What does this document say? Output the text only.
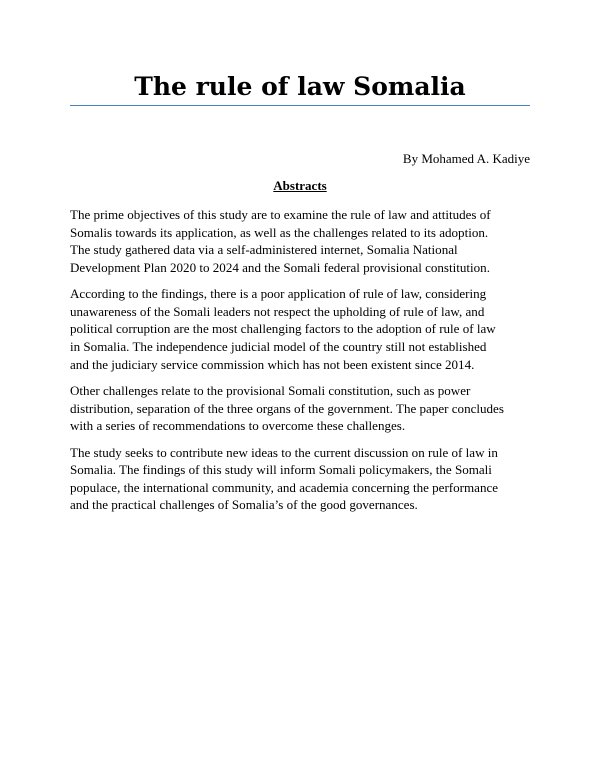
The rule of law Somalia
By Mohamed A. Kadiye
Abstracts

The prime objectives of this study are to examine the rule of law and attitudes of
Somalis towards its application, as well as the challenges related to its adoption.
The study gathered data via a self-administered internet, Somalia National
Development Plan 2020 to 2024 and the Somali federal provisional constitution.

According to the findings, there is a poor application of rule of law, considering
unawareness of the Somali leaders not respect the upholding of rule of law, and
political corruption are the most challenging factors to the adoption of rule of law
in Somalia. The independence judicial model of the country still not established
and the judiciary service commission which has not been existent since 2014.

Other challenges relate to the provisional Somali constitution, such as power
distribution, separation of the three organs of the government. The paper concludes
with a series of recommendations to overcome these challenges.

The study seeks to contribute new ideas to the current discussion on rule of law in
Somalia. The findings of this study will inform Somali policymakers, the Somali
populace, the international community, and academia concerning the performance
and the practical challenges of Somalia’s of the good governances.
